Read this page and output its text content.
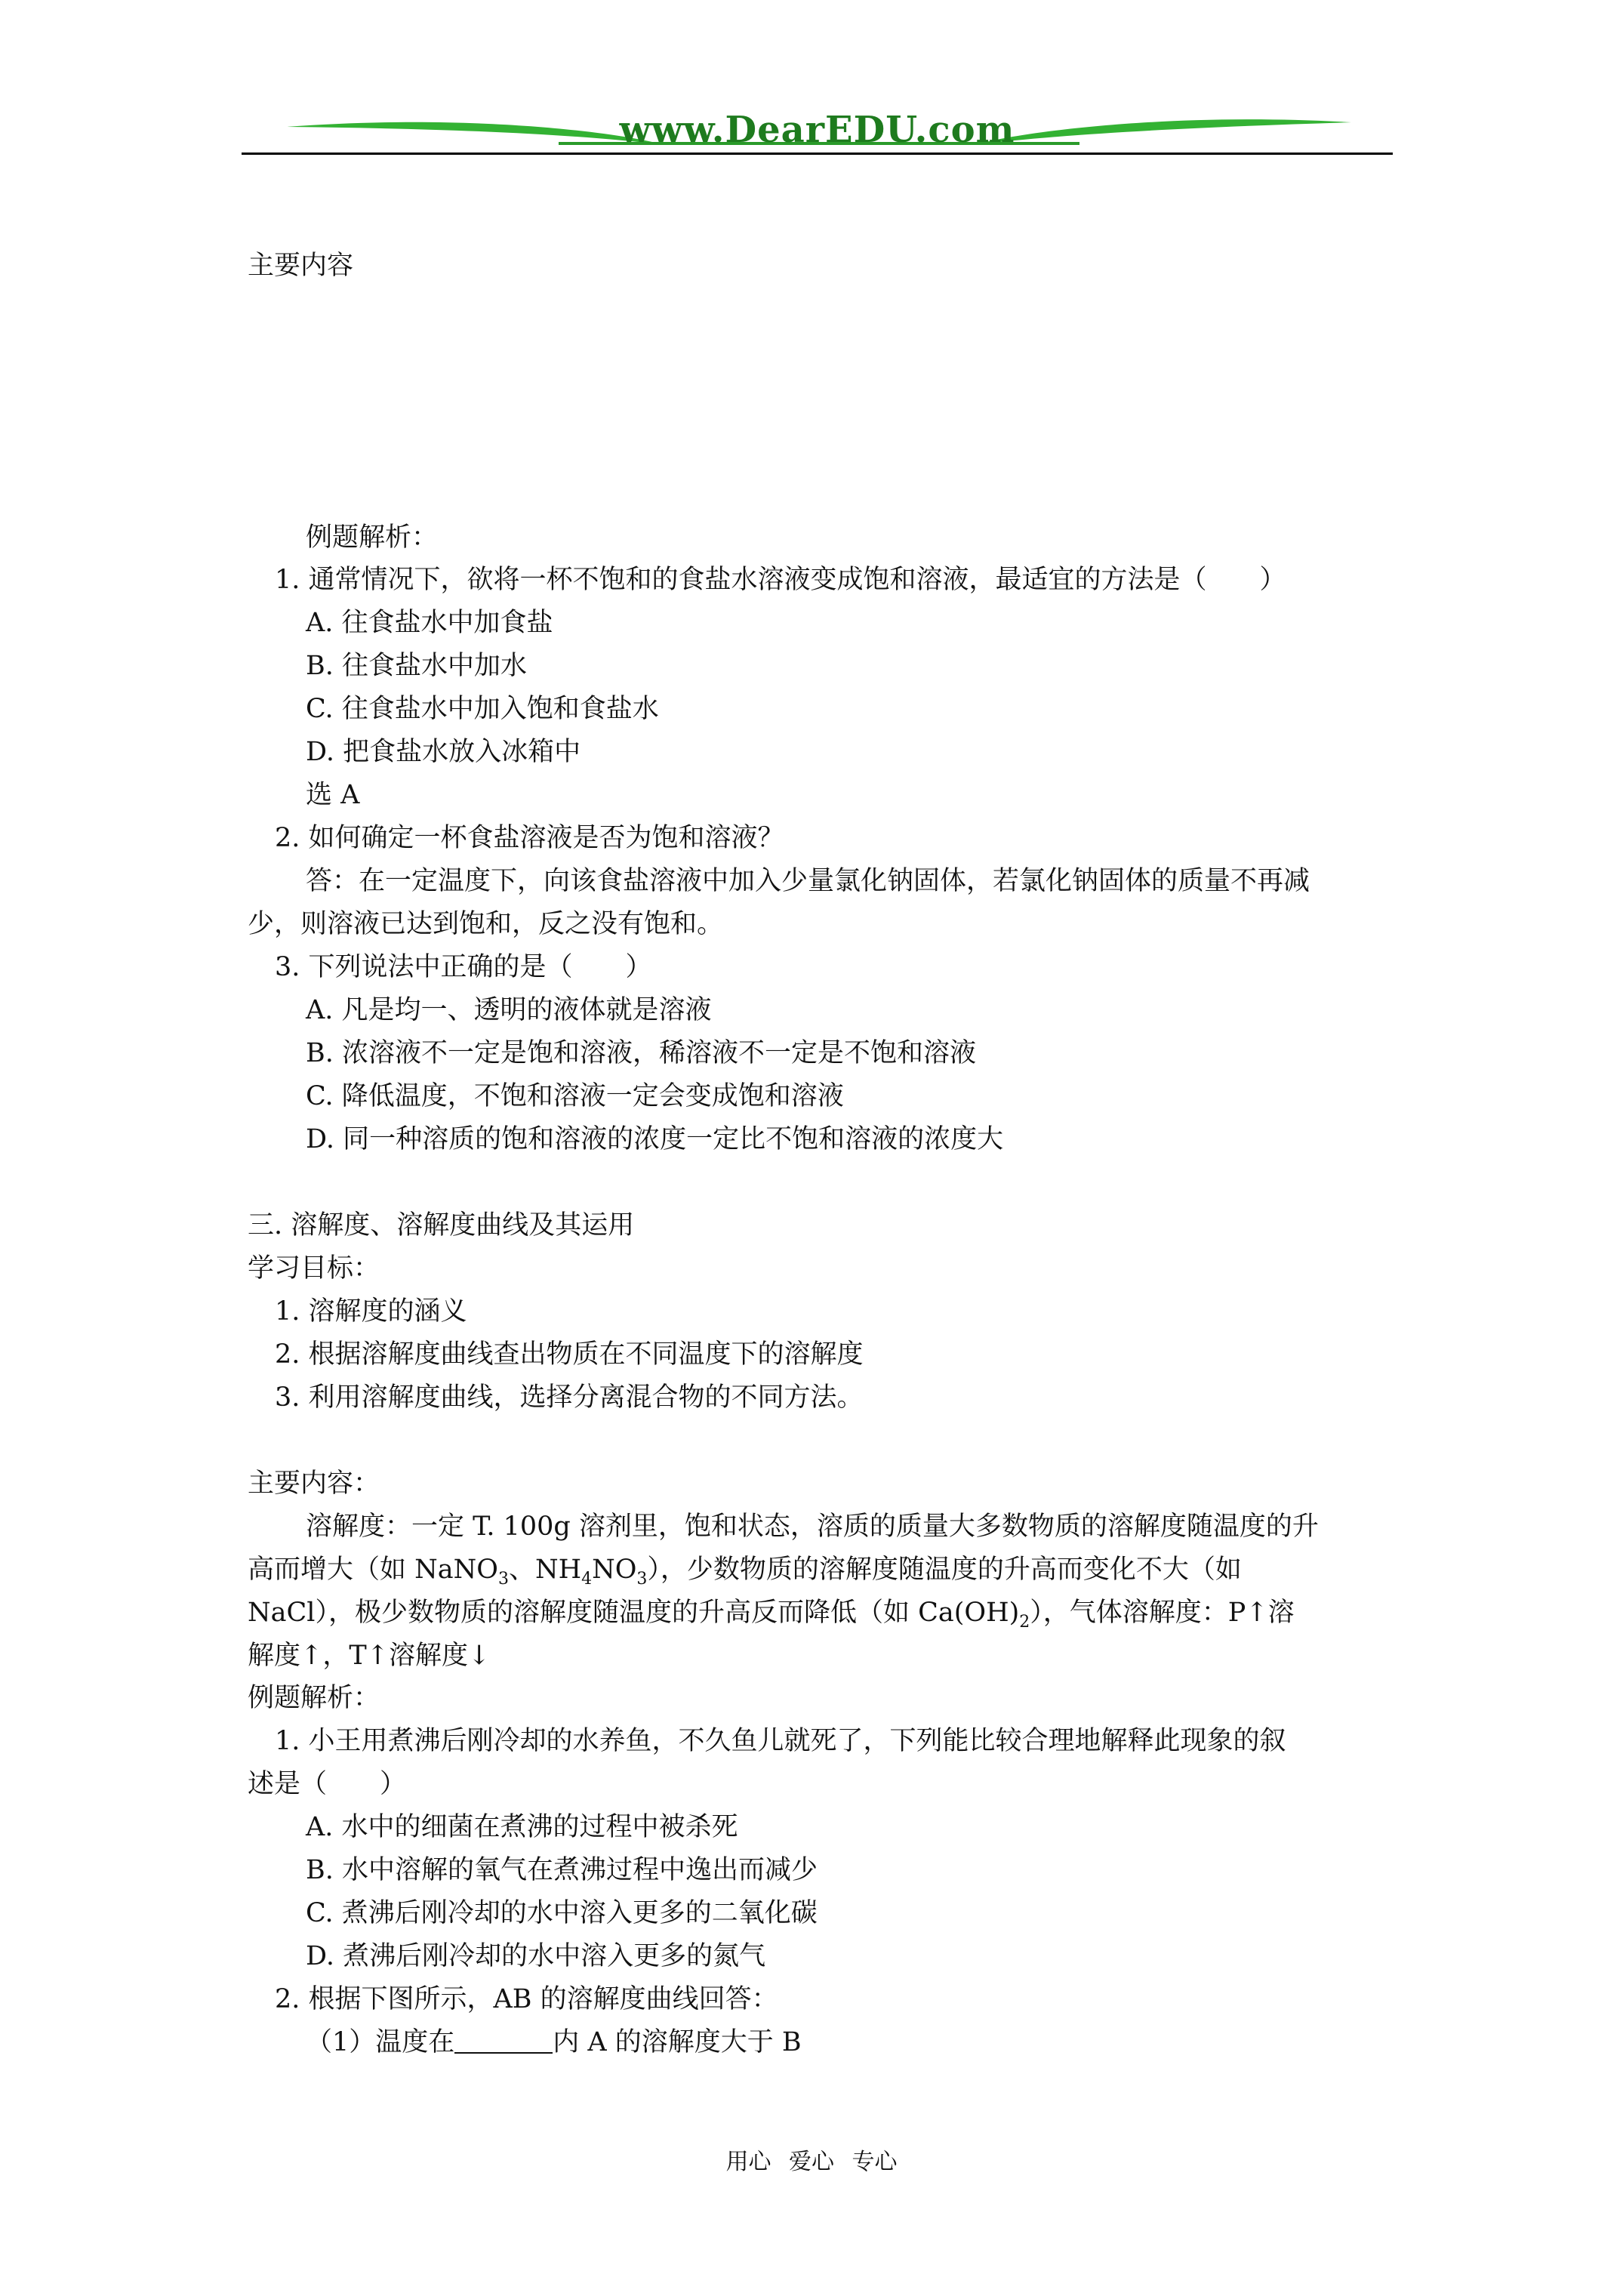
www.DearEDU.com
主要内容
例题解析：
1. 通常情况下，欲将一杯不饱和的食盐水溶液变成饱和溶液，最适宜的方法是（　　）
A. 往食盐水中加食盐
B. 往食盐水中加水
C. 往食盐水中加入饱和食盐水
D. 把食盐水放入冰箱中
选 A
2. 如何确定一杯食盐溶液是否为饱和溶液？
答：在一定温度下，向该食盐溶液中加入少量氯化钠固体，若氯化钠固体的质量不再减
少，则溶液已达到饱和，反之没有饱和。
3. 下列说法中正确的是（　　）
A. 凡是均一、透明的液体就是溶液
B. 浓溶液不一定是饱和溶液，稀溶液不一定是不饱和溶液
C. 降低温度，不饱和溶液一定会变成饱和溶液
D. 同一种溶质的饱和溶液的浓度一定比不饱和溶液的浓度大
三. 溶解度、溶解度曲线及其运用
学习目标：
1. 溶解度的涵义
2. 根据溶解度曲线查出物质在不同温度下的溶解度
3. 利用溶解度曲线，选择分离混合物的不同方法。
主要内容：
溶解度：一定 T. 100g 溶剂里，饱和状态，溶质的质量大多数物质的溶解度随温度的升
高而增大（如 NaNO$_3$、$NH_4NO_3$），少数物质的溶解度随温度的升高而变化不大（如
NaCl），极少数物质的溶解度随温度的升高反而降低（如 $Ca(OH)_2$），气体溶解度：P↑溶
解度↑，T↑溶解度↓
例题解析：
1. 小王用煮沸后刚冷却的水养鱼，不久鱼儿就死了，下列能比较合理地解释此现象的叙
述是（　　）
A. 水中的细菌在煮沸的过程中被杀死
B. 水中溶解的氧气在煮沸过程中逸出而减少
C. 煮沸后刚冷却的水中溶入更多的二氧化碳
D. 煮沸后刚冷却的水中溶入更多的氮气
2. 根据下图所示，AB 的溶解度曲线回答：
（1）温度在	内 A 的溶解度大于 B
用心 爱心 专心
